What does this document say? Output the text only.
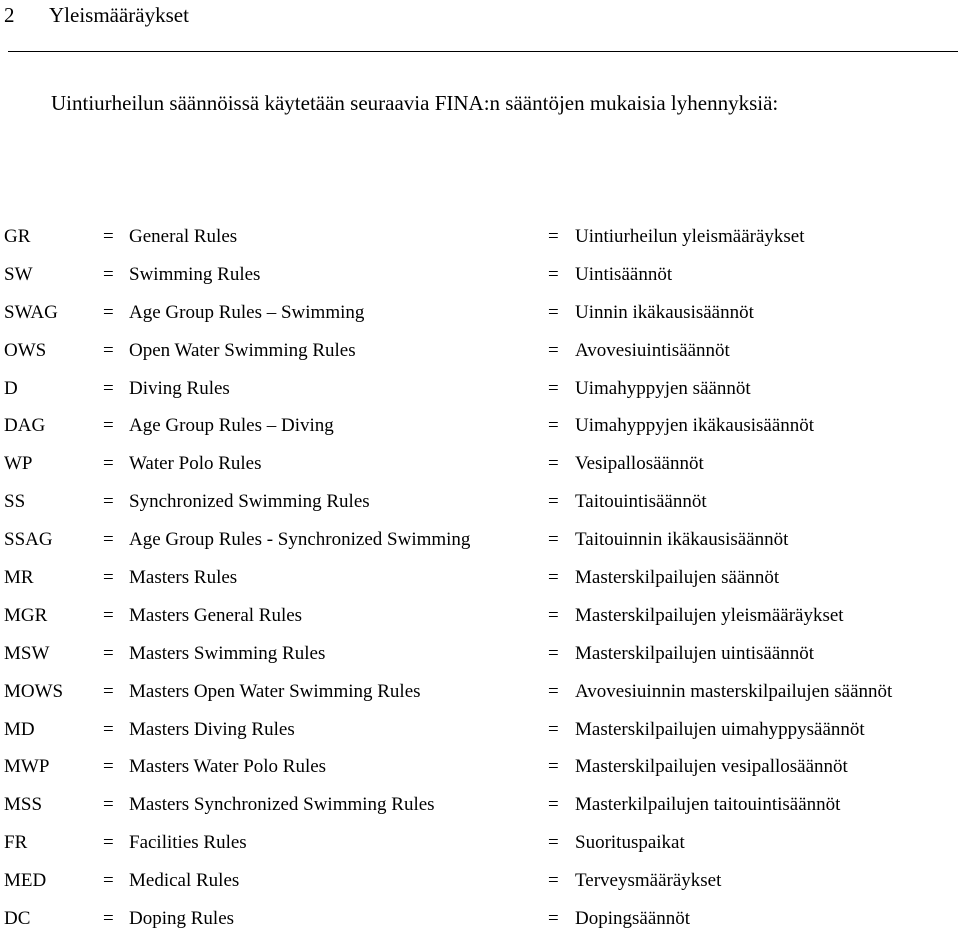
2 Yleismääräykset
Uintiurheilun säännöissä käytetään seuraavia FINA:n sääntöjen mukaisia lyhennyksiä:
GR	= General Rules	= Uintiurheilun yleismääräykset
SW	= Swimming Rules	= Uintisäännöt
SWAG = Age Group Rules – Swimming	= Uinnin ikäkausisäännöt
OWS	= Open Water Swimming Rules	= Avovesiuintisäännöt
D	= Diving Rules	= Uimahyppyjen säännöt
DAG	= Age Group Rules – Diving	= Uimahyppyjen ikäkausisäännöt
WP	= Water Polo Rules	= Vesipallosäännöt
SS	= Synchronized Swimming Rules	= Taitouintisäännöt
SSAG	= Age Group Rules - Synchronized Swimming	= Taitouinnin ikäkausisäännöt
MR	= Masters Rules	= Masterskilpailujen säännöt
MGR	= Masters General Rules	= Masterskilpailujen yleismääräykset
MSW	= Masters Swimming Rules	= Masterskilpailujen uintisäännöt
MOWS = Masters Open Water Swimming Rules	= Avovesiuinnin masterskilpailujen säännöt
MD	= Masters Diving Rules	= Masterskilpailujen uimahyppysäännöt
MWP	= Masters Water Polo Rules	= Masterskilpailujen vesipallosäännöt
MSS	= Masters Synchronized Swimming Rules	= Masterkilpailujen taitouintisäännöt
FR	= Facilities Rules	= Suorituspaikat
MED	= Medical Rules	= Terveysmääräykset
DC	= Doping Rules	= Dopingsäännöt
